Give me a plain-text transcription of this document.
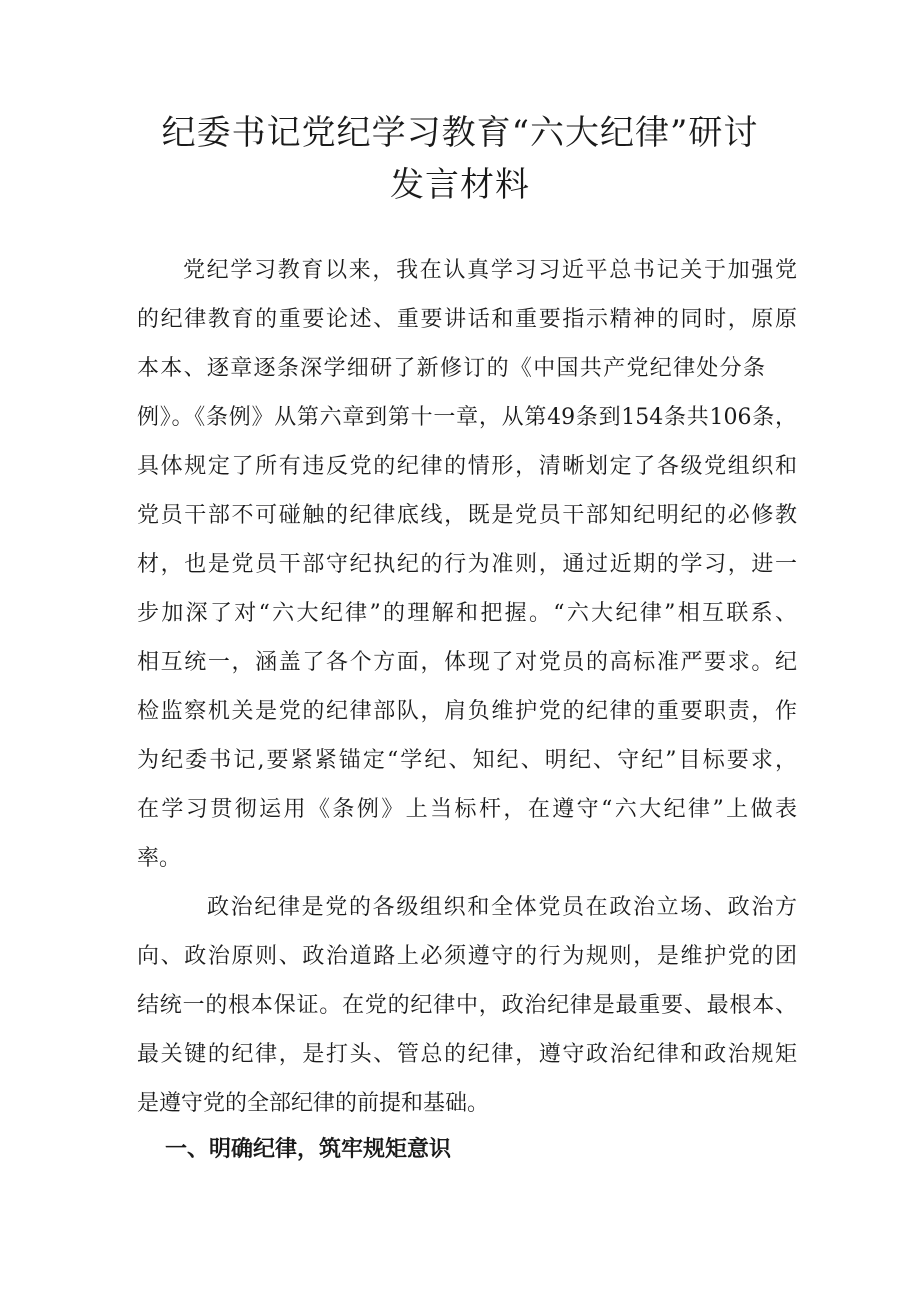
纪委书记党纪学习教育“六大纪律”研讨
发言材料

党纪学习教育以来，我在认真学习习近平总书记关于加强党

的纪律教育的重要论述、重要讲话和重要指示精神的同时，原原

本本、逐章逐条深学细研了新修订的《中国共产党纪律处分条

例》。《条例》从第六章到第十一章，从第49条到154条共106条，

具体规定了所有违反党的纪律的情形，清晰划定了各级党组织和

党员干部不可碰触的纪律底线，既是党员干部知纪明纪的必修教

材，也是党员干部守纪执纪的行为准则，通过近期的学习，进一

步加深了对“六大纪律”的理解和把握。“六大纪律”相互联系、

相互统一，涵盖了各个方面，体现了对党员的高标准严要求。纪

检监察机关是党的纪律部队，肩负维护党的纪律的重要职责，作

为纪委书记,要紧紧锚定“学纪、知纪、明纪、守纪”目标要求，

在学习贯彻运用《条例》上当标杆，在遵守“六大纪律”上做表

率。

政治纪律是党的各级组织和全体党员在政治立场、政治方

向、政治原则、政治道路上必须遵守的行为规则，是维护党的团

结统一的根本保证。在党的纪律中，政治纪律是最重要、最根本、

最关键的纪律，是打头、管总的纪律，遵守政治纪律和政治规矩

是遵守党的全部纪律的前提和基础。

一、明确纪律，筑牢规矩意识
